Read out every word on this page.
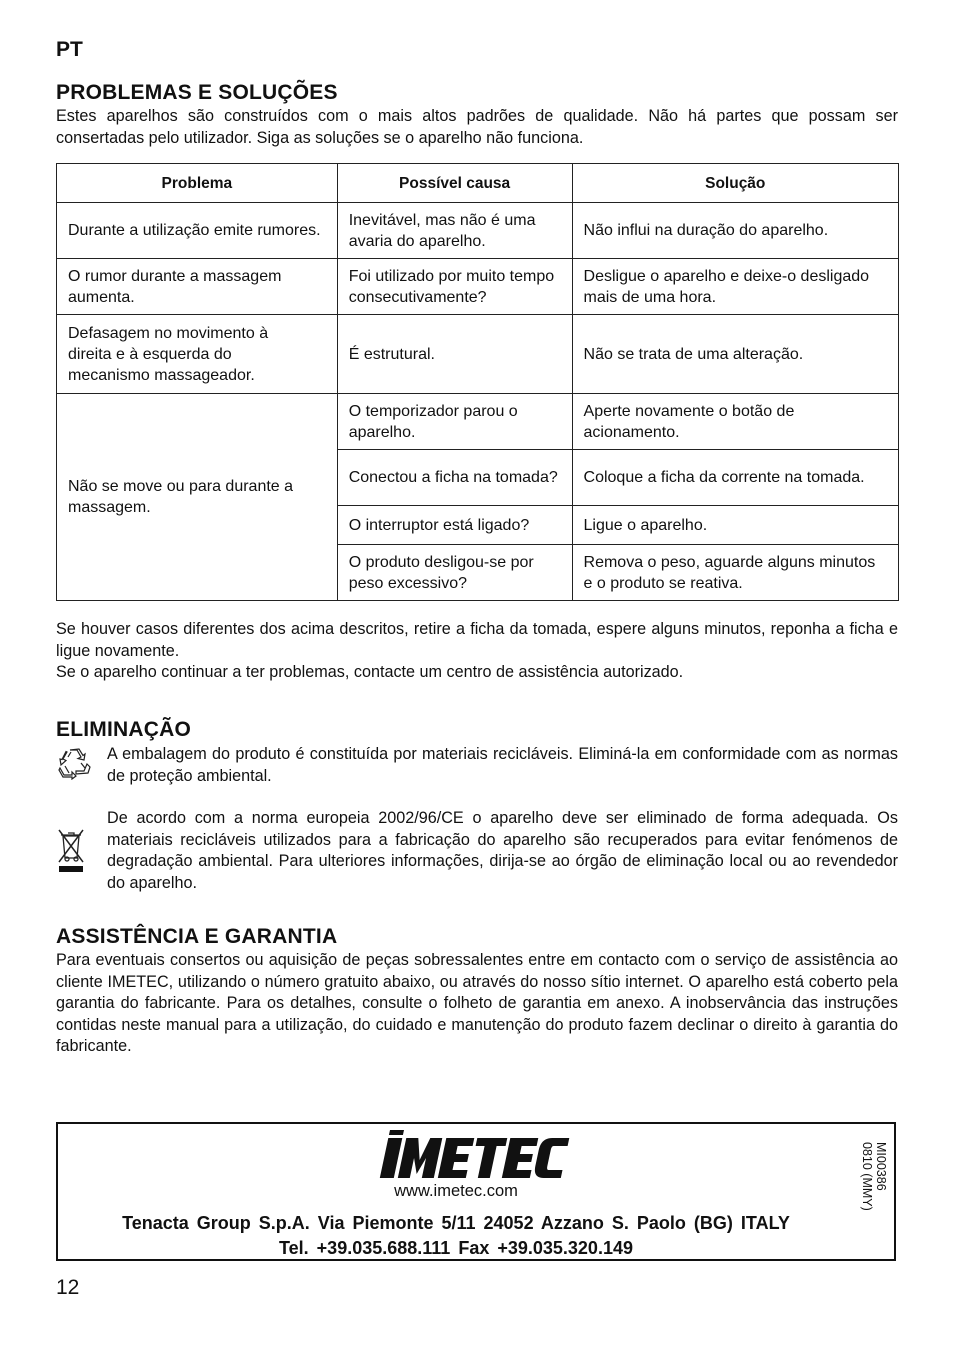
PT
PROBLEMAS E SOLUÇÕES
Estes aparelhos são construídos com o mais altos padrões de qualidade. Não há partes que possam ser consertadas pelo utilizador. Siga as soluções se o aparelho não funciona.
Problema	Possível causa	Solução
Durante a utilização emite rumores.	Inevitável, mas não é uma avaria do aparelho.	Não influi na duração do aparelho.
O rumor durante a massagem aumenta.	Foi utilizado por muito tempo consecutivamente?	Desligue o aparelho e deixe-o desligado mais de uma hora.
Defasagem no movimento à direita e à esquerda do mecanismo massageador.	É estrutural.	Não se trata de uma alteração.
Não se move ou para durante a massagem.	O temporizador parou o aparelho.	Aperte novamente o botão de acionamento.
	Conectou a ficha na tomada?	Coloque a ficha da corrente na tomada.
	O interruptor está ligado?	Ligue o aparelho.
	O produto desligou-se por peso excessivo?	Remova o peso, aguarde alguns minutos e o produto se reativa.

Se houver casos diferentes dos acima descritos, retire a ficha da tomada, espere alguns minutos, reponha a ficha e ligue novamente.

Se o aparelho continuar a ter problemas, contacte um centro de assistência autorizado.

ELIMINAÇÃO
A embalagem do produto é constituída por materiais recicláveis. Eliminá-la em conformidade com as normas de proteção ambiental.
De acordo com a norma europeia 2002/96/CE o aparelho deve ser eliminado de forma adequada. Os materiais recicláveis utilizados para a fabricação do aparelho são recuperados para evitar fenómenos de degradação ambiental. Para ulteriores informações, dirija-se ao órgão de eliminação local ou ao revendedor do aparelho.
ASSISTÊNCIA E GARANTIA
Para eventuais consertos ou aquisição de peças sobressalentes entre em contacto com o serviço de assistência ao cliente IMETEC, utilizando o número gratuito abaixo, ou através do nosso sítio internet. O aparelho está coberto pela garantia do fabricante. Para os detalhes, consulte o folheto de garantia em anexo. A inobservância das instruções contidas neste manual para a utilização, do cuidado e manutenção do produto fazem declinar o direito à garantia do fabricante.
www.imetec.com
Tenacta Group S.p.A. Via Piemonte 5/11 24052 Azzano S. Paolo (BG) ITALY
Tel. +39.035.688.111 Fax +39.035.320.149
MI00386
0810 (MMY)
12
